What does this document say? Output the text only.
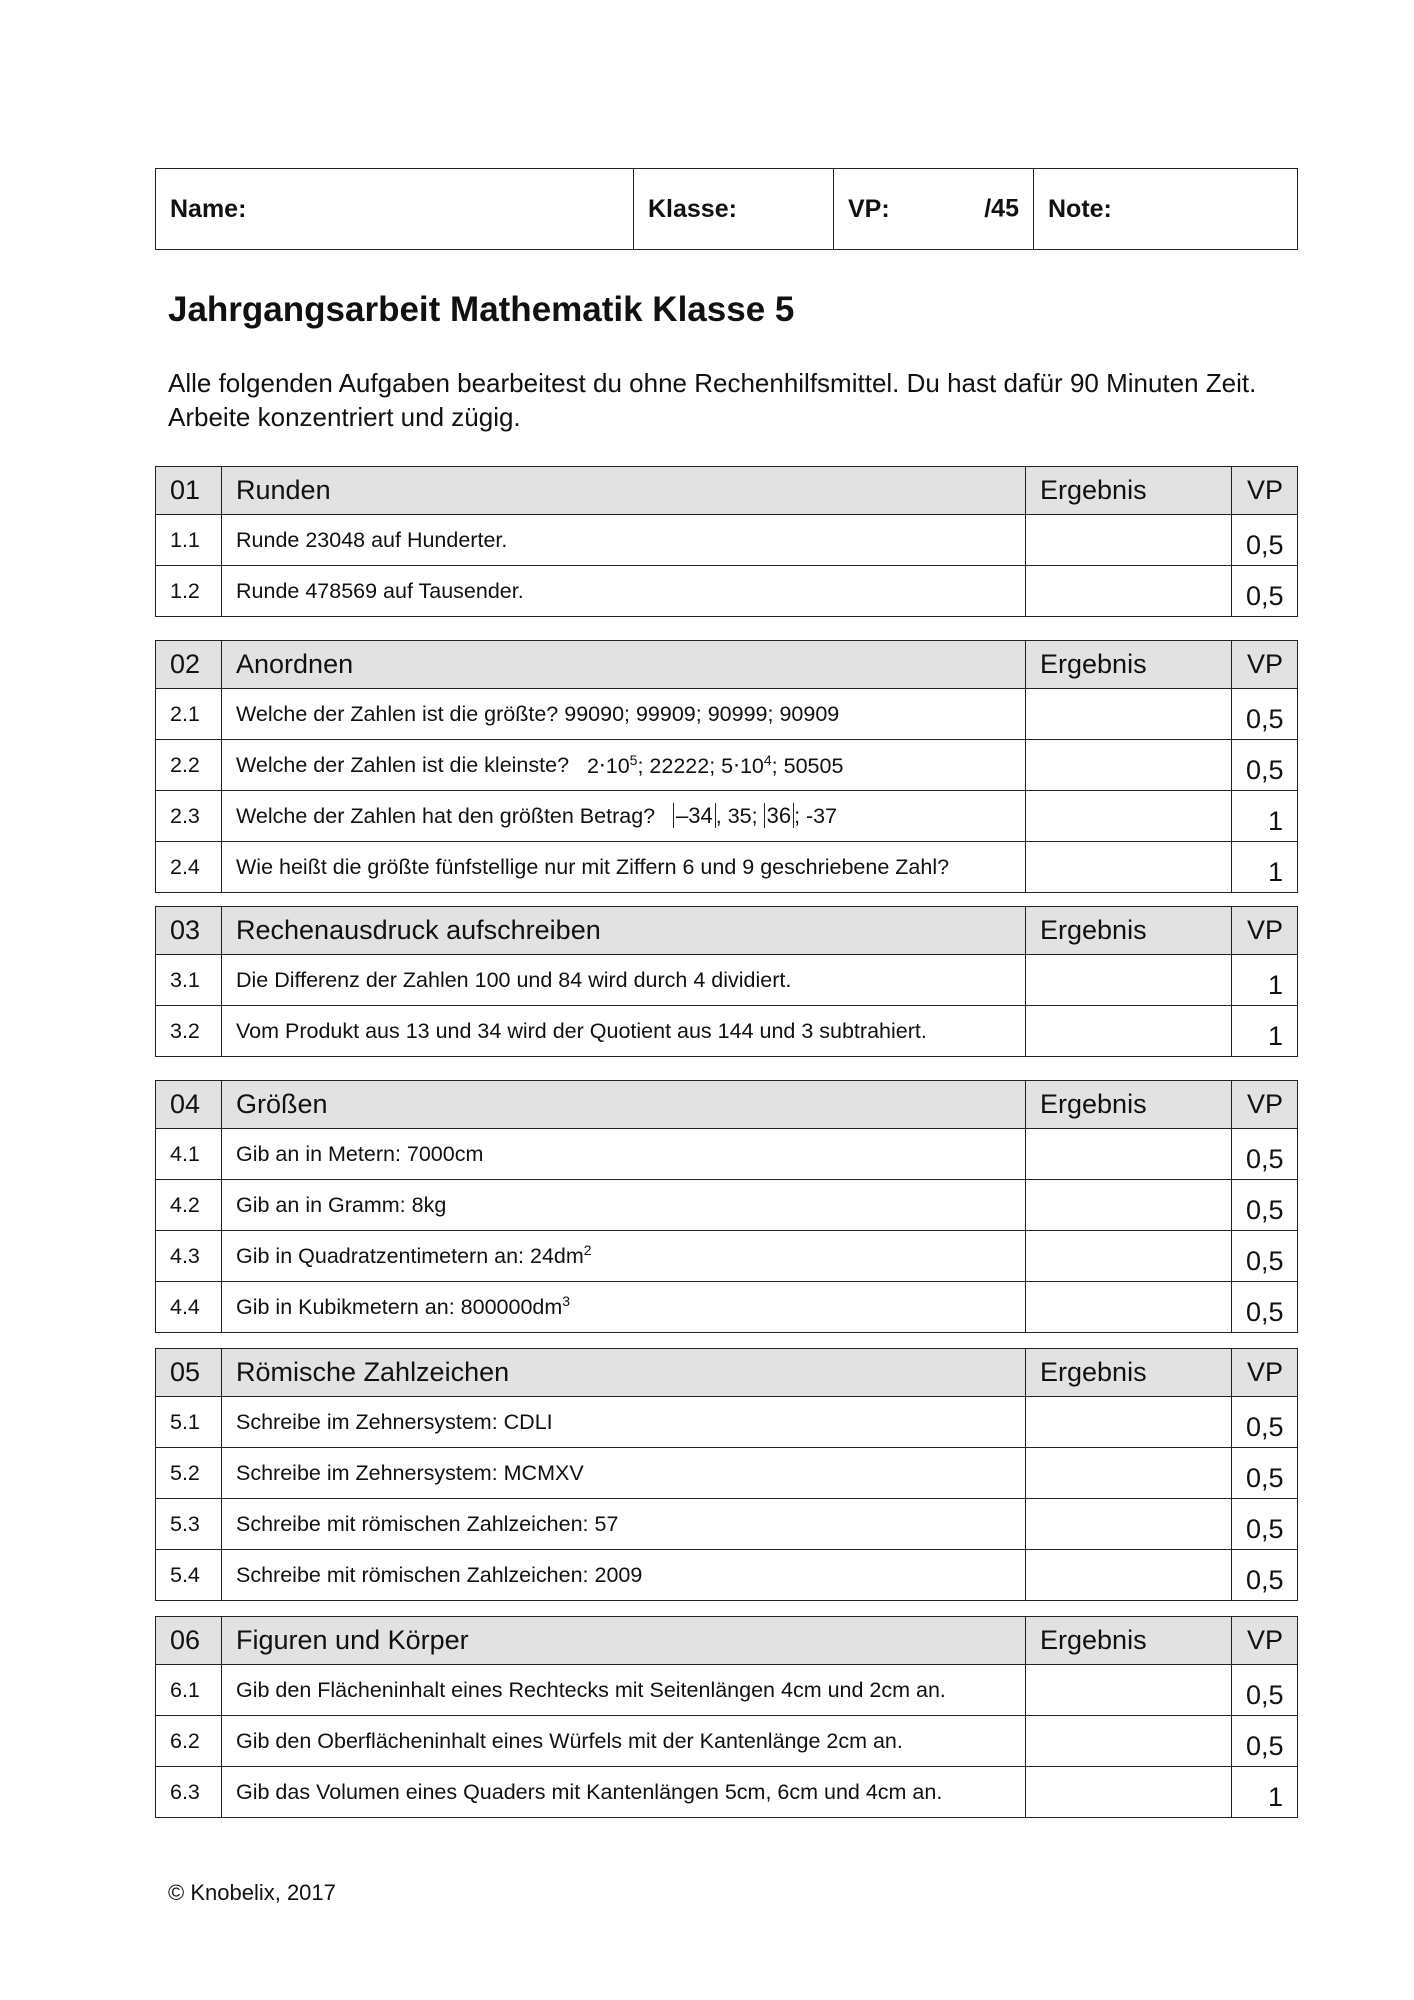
Name:	Klasse:	VP:	/45	Note:
Jahrgangsarbeit Mathematik Klasse 5

Alle folgenden Aufgaben bearbeitest du ohne Rechenhilfsmittel. Du hast dafür 90 Minuten Zeit. Arbeite konzentriert und zügig.

01	Runden	Ergebnis	VP
1.1	Runde 23048 auf Hunderter.		0,5
1.2	Runde 478569 auf Tausender.		0,5
02	Anordnen	Ergebnis	VP
2.1	Welche der Zahlen ist die größte? 99090; 99909; 90999; 90909		0,5
2.2	Welche der Zahlen ist die kleinste? $2\cdot 10^5$; 22222; $5\cdot 10^4$; 50505		0,5
2.3	Welche der Zahlen hat den größten Betrag? –34 , 35; 36 ; -37		1
2.4	Wie heißt die größte fünfstellige nur mit Ziffern 6 und 9 geschriebene Zahl?		1
03	Rechenausdruck aufschreiben	Ergebnis	VP
3.1	Die Differenz der Zahlen 100 und 84 wird durch 4 dividiert.		1
3.2	Vom Produkt aus 13 und 34 wird der Quotient aus 144 und 3 subtrahiert.		1
04	Größen	Ergebnis	VP
4.1	Gib an in Metern: 7000cm		0,5
4.2	Gib an in Gramm: 8kg		0,5
4.3	Gib in Quadratzentimetern an: $24dm^2$		0,5
4.4	Gib in Kubikmetern an: $800000dm^3$		0,5
05	Römische Zahlzeichen	Ergebnis	VP
5.1	Schreibe im Zehnersystem: CDLI		0,5
5.2	Schreibe im Zehnersystem: MCMXV		0,5
5.3	Schreibe mit römischen Zahlzeichen: 57		0,5
5.4	Schreibe mit römischen Zahlzeichen: 2009		0,5
06	Figuren und Körper	Ergebnis	VP
6.1	Gib den Flächeninhalt eines Rechtecks mit Seitenlängen 4cm und 2cm an.		0,5
6.2	Gib den Oberflächeninhalt eines Würfels mit der Kantenlänge 2cm an.		0,5
6.3	Gib das Volumen eines Quaders mit Kantenlängen 5cm, 6cm und 4cm an.		1
© Knobelix, 2017
